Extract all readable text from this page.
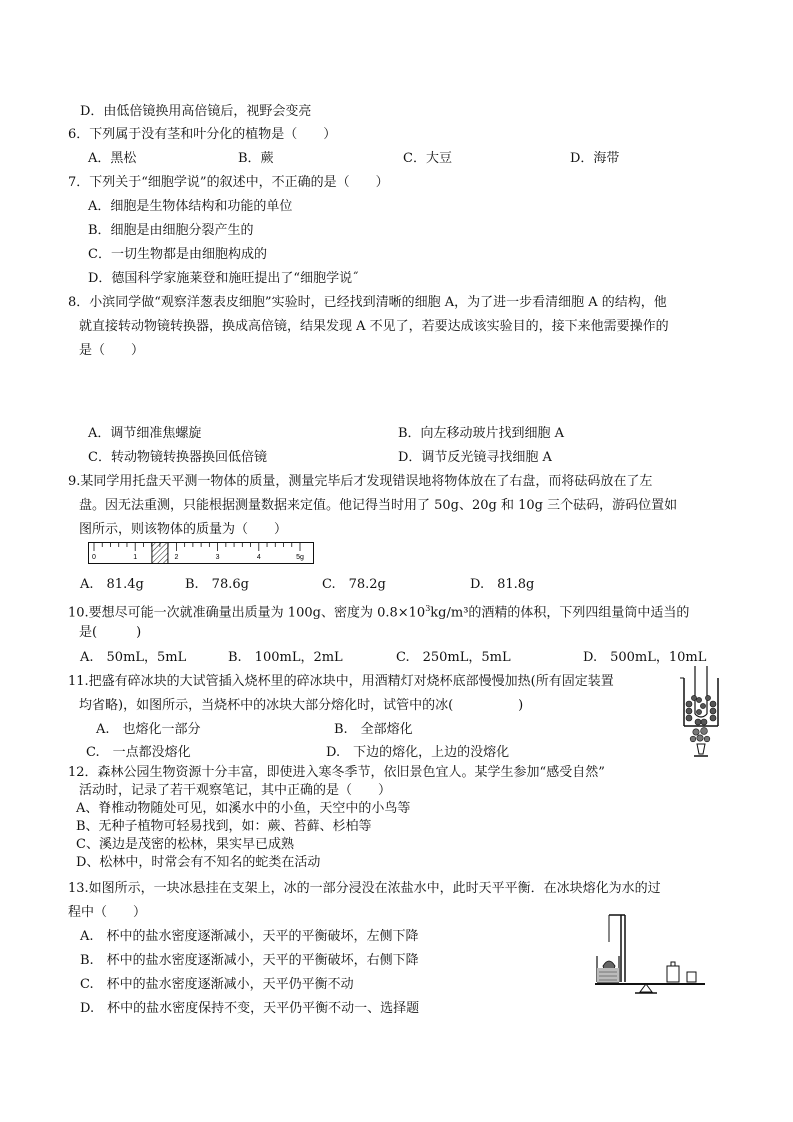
D．由低倍镜换用高倍镜后，视野会变亮
6．下列属于没有茎和叶分化的植物是（　　）
A．黑松	B．蕨	C．大豆	D．海带
7．下列关于“细胞学说”的叙述中，不正确的是（　　）
A．细胞是生物体结构和功能的单位
B．细胞是由细胞分裂产生的
C．一切生物都是由细胞构成的
D．德国科学家施莱登和施旺提出了“细胞学说˝
8．小滨同学做“观察洋葱表皮细胞”实验时，已经找到清晰的细胞 A，为了进一步看清细胞 A 的结构，他
就直接转动物镜转换器，换成高倍镜，结果发现 A 不见了，若要达成该实验目的，接下来他需要操作的
是（　　）
A．调节细准焦螺旋	B．向左移动玻片找到细胞 A
C．转动物镜转换器换回低倍镜	D．调节反光镜寻找细胞 A
9.某同学用托盘天平测一物体的质量，测量完毕后才发现错误地将物体放在了右盘，而将砝码放在了左
盘。因无法重测，只能根据测量数据来定值。他记得当时用了 50g、20g 和 10g 三个砝码，游码位置如
图所示，则该物体的质量为（　　）
0	1	2	3	4	5g
A.　81.4g	B.　78.6g	C.　78.2g	D.　81.8g
10.要想尽可能一次就准确量出质量为 100g、密度为 $0.8\times 10^3kg/m^3$的酒精的体积，下列四组量筒中适当的
是(　　　)
A.　50mL，5mL	B.　100mL，2mL	C.　250mL，5mL	D.　500mL，10mL
11.把盛有碎冰块的大试管插入烧杯里的碎冰块中，用酒精灯对烧杯底部慢慢加热(所有固定装置
均省略)，如图所示，当烧杯中的冰块大部分熔化时，试管中的冰(　　　　　)
A.　也熔化一部分	B.　全部熔化
C.　一点都没熔化	D.　下边的熔化，上边的没熔化
12．森林公园生物资源十分丰富，即使进入寒冬季节，依旧景色宜人。某学生参加“感受自然”
活动时，记录了若干观察笔记，其中正确的是（　　）
A、脊椎动物随处可见，如溪水中的小鱼，天空中的小鸟等
B、无种子植物可轻易找到，如：蕨、苔藓、杉柏等
C、溪边是茂密的松林，果实早已成熟
D、松林中，时常会有不知名的蛇类在活动
13.如图所示，一块冰悬挂在支架上，冰的一部分浸没在浓盐水中，此时天平平衡．在冰块熔化为水的过
程中（　　）
A.　杯中的盐水密度逐渐减小，天平的平衡破坏，左侧下降
B.　杯中的盐水密度逐渐减小，天平的平衡破坏，右侧下降
C.　杯中的盐水密度逐渐减小，天平仍平衡不动
D.　杯中的盐水密度保持不变，天平仍平衡不动一、选择题
